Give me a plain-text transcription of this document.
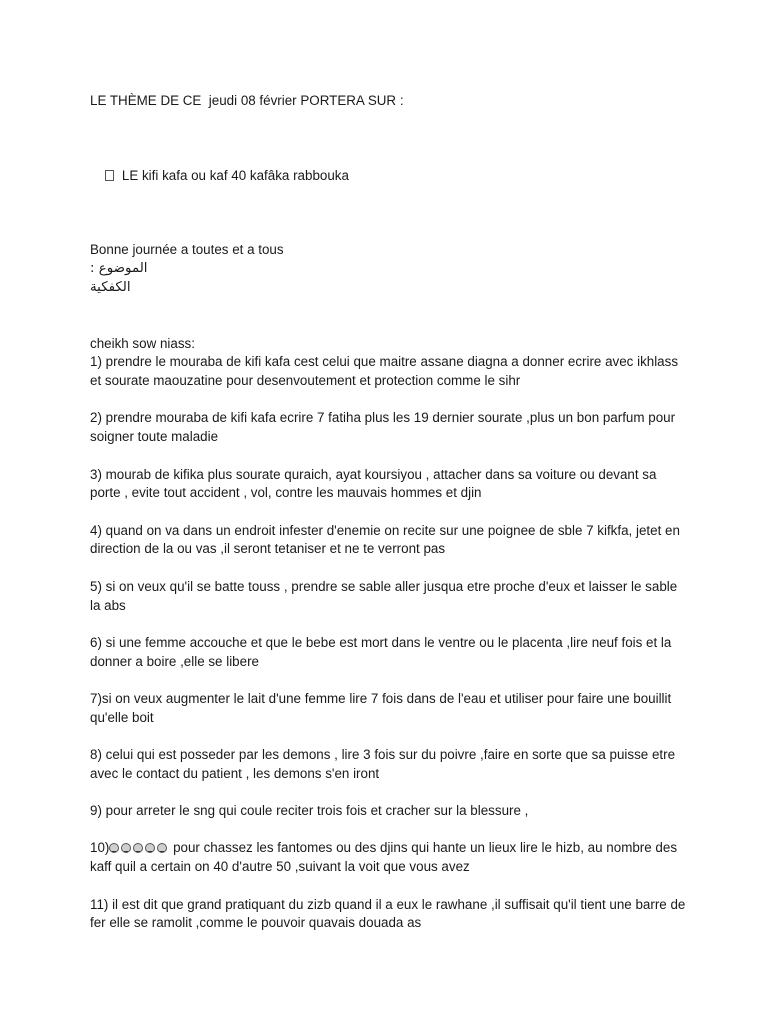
LE THÈME DE CE  jeudi 08 février PORTERA SUR :

LE kifi kafa ou kaf 40 kafâka rabbouka

Bonne journée a toutes et a tous
الموضوع :
الكفكية
cheikh sow niass:

1) prendre le mouraba de kifi kafa cest celui que maitre assane diagna a donner ecrire avec ikhlass et sourate maouzatine pour desenvoutement et protection comme le sihr

2) prendre mouraba de kifi kafa ecrire 7 fatiha plus les 19 dernier sourate ,plus un bon parfum pour soigner toute maladie

3) mourab de kifika plus sourate quraich, ayat koursiyou , attacher dans sa voiture ou devant sa porte , evite tout accident , vol, contre les mauvais hommes et djin

4) quand on va dans un endroit infester d'enemie on recite sur une poignee de sble 7 kifkfa, jetet en direction de la ou vas ,il seront tetaniser et ne te verront pas

5) si on veux qu'il se batte touss , prendre se sable aller jusqua etre proche d'eux et laisser le sable la abs

6) si une femme accouche et que le bebe est mort dans le ventre ou le placenta ,lire neuf fois et la donner a boire ,elle se libere

7)si on veux augmenter le lait d'une femme lire 7 fois dans de l'eau et utiliser pour faire une bouillit qu'elle boit

8) celui qui est posseder par les demons , lire 3 fois sur du poivre ,faire en sorte que sa puisse etre avec le contact du patient , les demons s'en iront

9) pour arreter le sng qui coule reciter trois fois et cracher sur la blessure ,

10)	pour chassez les fantomes ou des djins qui hante un lieux lire le hizb, au nombre des kaff quil a certain on 40 d'autre 50 ,suivant la voit que vous avez

11) il est dit que grand pratiquant du zizb quand il a eux le rawhane ,il suffisait qu'il tient une barre de fer elle se ramolit ,comme le pouvoir quavais douada as
